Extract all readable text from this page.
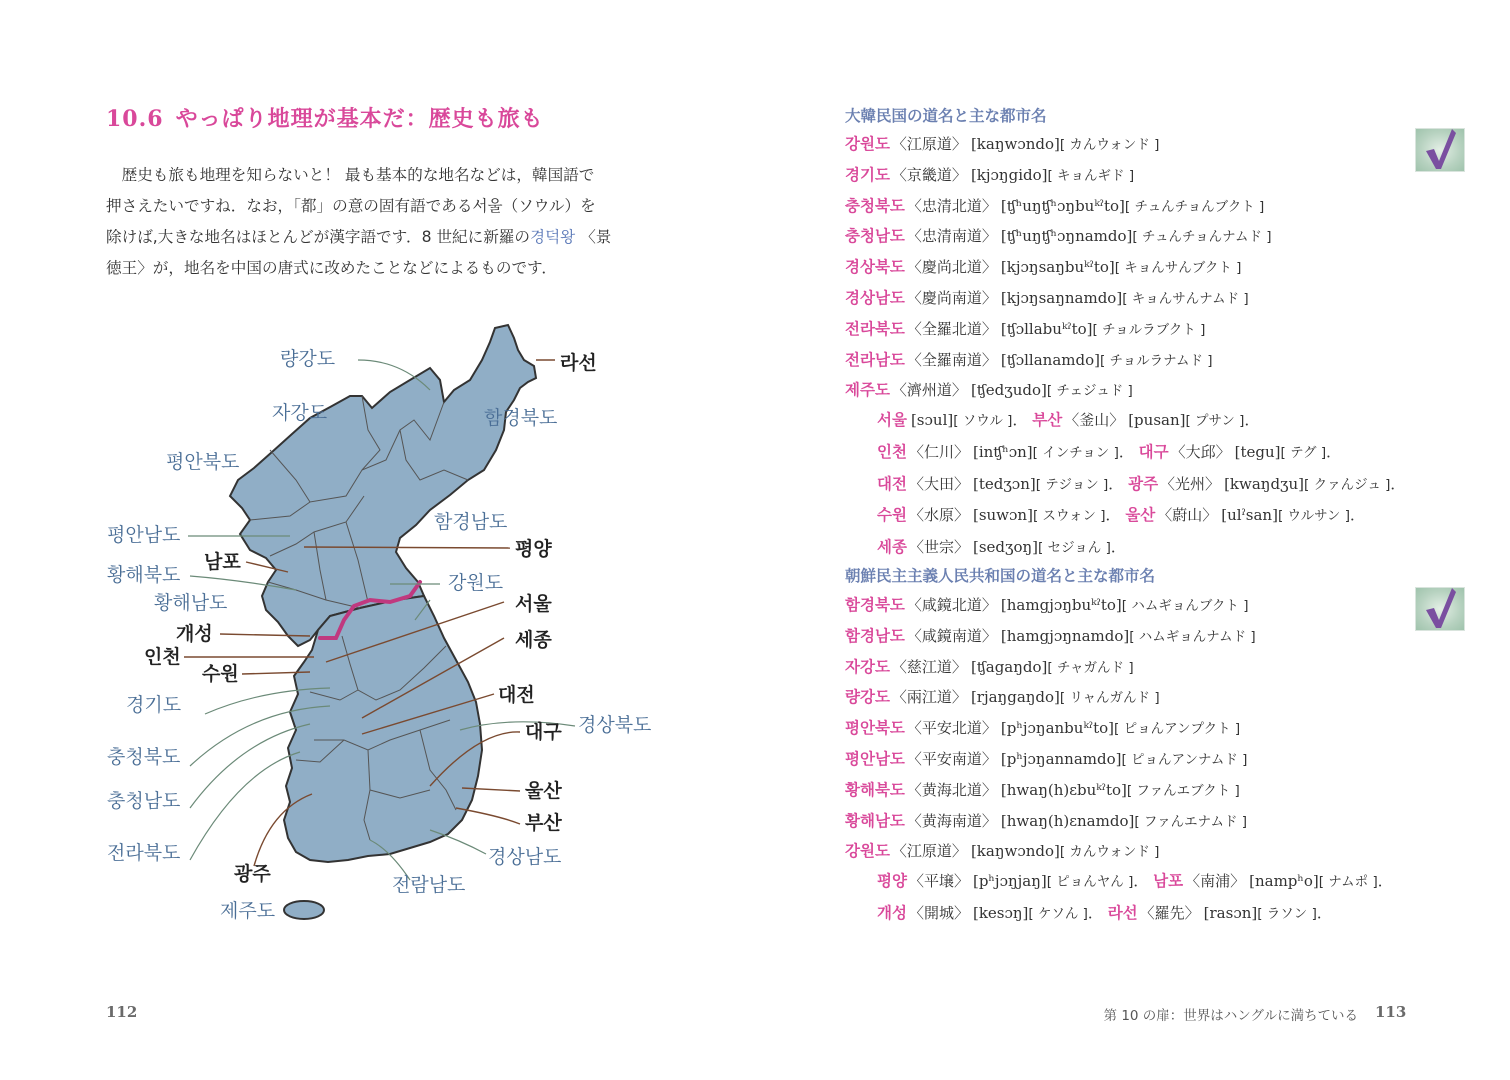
10.6 やっぱり地理が基本だ：歴史も旅も

歴史も旅も地理を知らないと！ 最も基本的な地名などは，韓国語で

押さえたいですね．なお，「都」の意の固有語である서울（ソウル）を
除けば,大きな地名はほとんどが漢字語です．8 世紀に新羅の경덕왕 〈景
徳王〉が，地名を中国の唐式に改めたことなどによるものです．
량강도
자강도	함경북도
평안북도
함경남도
평안남도
황해북도	강원도
황해남도
경기도
경상북도
충청북도
충청남도
전라북도	경상남도
전람남도
제주도
라선
남포
평양
서울
개성	세종
인천
수원
대전
대구
울산
부산
광주
112
大韓民国の道名と主な都市名
강원도 〈江原道〉 [kaŋwɔndo][ カんウォンド ]
경기도 〈京畿道〉 [kjɔŋgido][ キョんギド ]
충청북도 〈忠清北道〉 [ʧʰuŋʧʰɔŋbuᵏˀto][ チュんチョんブクト ]
충청남도 〈忠清南道〉 [ʧʰuŋʧʰɔŋnamdo][ チュんチョんナムド ]
경상북도 〈慶尚北道〉 [kjɔŋsaŋbuᵏˀto][ キョんサんブクト ]
경상남도 〈慶尚南道〉 [kjɔŋsaŋnamdo][ キョんサんナムド ]
전라북도 〈全羅北道〉 [ʧɔllabuᵏˀto][ チョルラブクト ]
전라남도 〈全羅南道〉 [ʧɔllanamdo][ チョルラナムド ]
제주도 〈濟州道〉 [ʧedʒudo][ チェジュド ]
서울 [sɔul][ ソウル ]． 부산 〈釜山〉 [pusan][ プサン ]． 인천 〈仁川〉 [inʧʰɔn][ インチョン ]． 대구 〈大邱〉 [tegu][ テグ ]． 대전 〈大田〉 [tedʒɔn][ テジョン ]． 광주 〈光州〉 [kwaŋdʒu][ クァんジュ ]． 수원 〈水原〉 [suwɔn][ スウォン ]． 울산 〈蔚山〉 [ulˀsan][ ウルサン ]． 세종 〈世宗〉 [sedʒoŋ][ セジョん ]．
朝鮮民主主義人民共和国の道名と主な都市名
함경북도 〈咸鏡北道〉 [hamgjɔŋbuᵏˀto][ ハムギョんブクト ]
함경남도 〈咸鏡南道〉 [hamgjɔŋnamdo][ ハムギョんナムド ]
자강도 〈慈江道〉 [ʧagaŋdo][ チャガんド ]
량강도 〈兩江道〉 [rjaŋgaŋdo][ リャんガんド ]
평안북도 〈平安北道〉 [pʰjɔŋanbuᵏˀto][ ピョんアンプクト ]
평안남도 〈平安南道〉 [pʰjɔŋannamdo][ ピョんアンナムド ]
황해북도 〈黄海北道〉 [hwaŋ(h)ɛbuᵏˀto][ ファんエブクト ]
황해남도 〈黄海南道〉 [hwaŋ(h)ɛnamdo][ ファんエナムド ]
강원도 〈江原道〉 [kaŋwɔndo][ カんウォンド ]
평양 〈平壌〉 [pʰjɔŋjaŋ][ ピョんヤん ]． 남포 〈南浦〉 [nampʰo][ ナムポ ]． 개성 〈開城〉 [kesɔŋ][ ケソん ]． 라선 〈羅先〉 [rasɔn][ ラソン ]．
第 10 の扉：世界はハングルに満ちている 113
